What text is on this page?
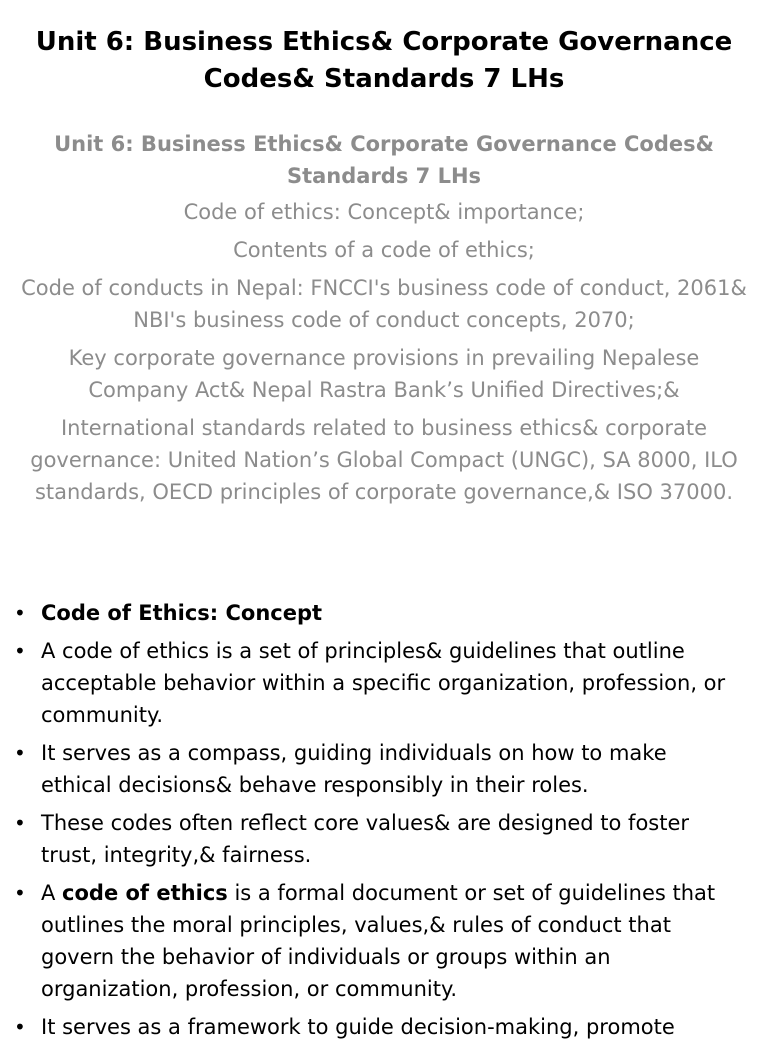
Unit 6: Business Ethics& Corporate Governance Codes& Standards 7 LHs

Unit 6: Business Ethics& Corporate Governance Codes& Standards 7 LHs

Code of ethics: Concept& importance;

Contents of a code of ethics;

Code of conducts in Nepal: FNCCI's business code of conduct, 2061& NBI's business code of conduct concepts, 2070;

Key corporate governance provisions in prevailing Nepalese Company Act& Nepal Rastra Bank’s Unified Directives;&

International standards related to business ethics& corporate governance: United Nation’s Global Compact (UNGC), SA 8000, ILO standards, OECD principles of corporate governance,& ISO 37000.

• Code of Ethics: Concept
• A code of ethics is a set of principles& guidelines that outline acceptable behavior within a specific organization, profession, or community.
• It serves as a compass, guiding individuals on how to make ethical decisions& behave responsibly in their roles.
• These codes often reflect core values& are designed to foster trust, integrity,& fairness.
• A code of ethics is a formal document or set of guidelines that outlines the moral principles, values,& rules of conduct that govern the behavior of individuals or groups within an organization, profession, or community.
• It serves as a framework to guide decision-making, promote
